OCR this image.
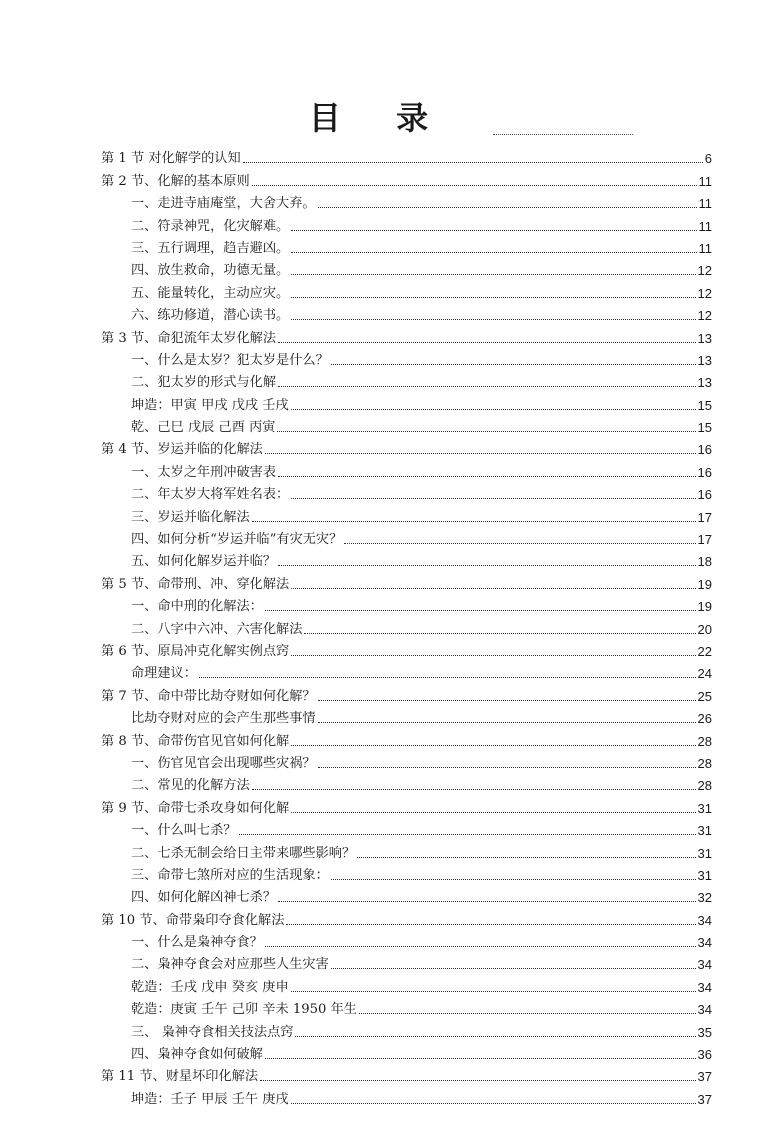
目 录
第 1 节 对化解学的认知	6
第 2 节、化解的基本原则	11
一、走进寺庙庵堂，大舍大弃。	11
二、符录神咒，化灾解难。	11
三、五行调理，趋吉避凶。	11
四、放生救命，功德无量。	12
五、能量转化，主动应灾。	12
六、练功修道，潜心读书。	12
第 3 节、命犯流年太岁化解法	13
一、什么是太岁？犯太岁是什么？	13
二、犯太岁的形式与化解	13
坤造：甲寅 甲戌 戊戌 壬戌	15
乾、己巳 戊辰 己酉 丙寅	15
第 4 节、岁运并临的化解法	16
一、太岁之年刑冲破害表	16
二、年太岁大将军姓名表：	16
三、岁运并临化解法	17
四、如何分析“岁运并临”有灾无灾？	17
五、如何化解岁运并临？	18
第 5 节、命带刑、冲、穿化解法	19
一、命中刑的化解法：	19
二、八字中六冲、六害化解法	20
第 6 节、原局冲克化解实例点窍	22
命理建议：	24
第 7 节、命中带比劫夺财如何化解？	25
比劫夺财对应的会产生那些事情	26
第 8 节、命带伤官见官如何化解	28
一、伤官见官会出现哪些灾祸？	28
二、常见的化解方法	28
第 9 节、命带七杀攻身如何化解	31
一、什么叫七杀？	31
二、七杀无制会给日主带来哪些影响？	31
三、命带七煞所对应的生活现象：	31
四、如何化解凶神七杀？	32
第 10 节、命带枭印夺食化解法	34
一、什么是枭神夺食？	34
二、枭神夺食会对应那些人生灾害	34
乾造：壬戌 戊申 癸亥 庚申	34
乾造：庚寅 壬午 己卯 辛未 1950 年生	34
三、 枭神夺食相关技法点窍	35
四、枭神夺食如何破解	36
第 11 节、财星坏印化解法	37
坤造：壬子 甲辰 壬午 庚戌	37
